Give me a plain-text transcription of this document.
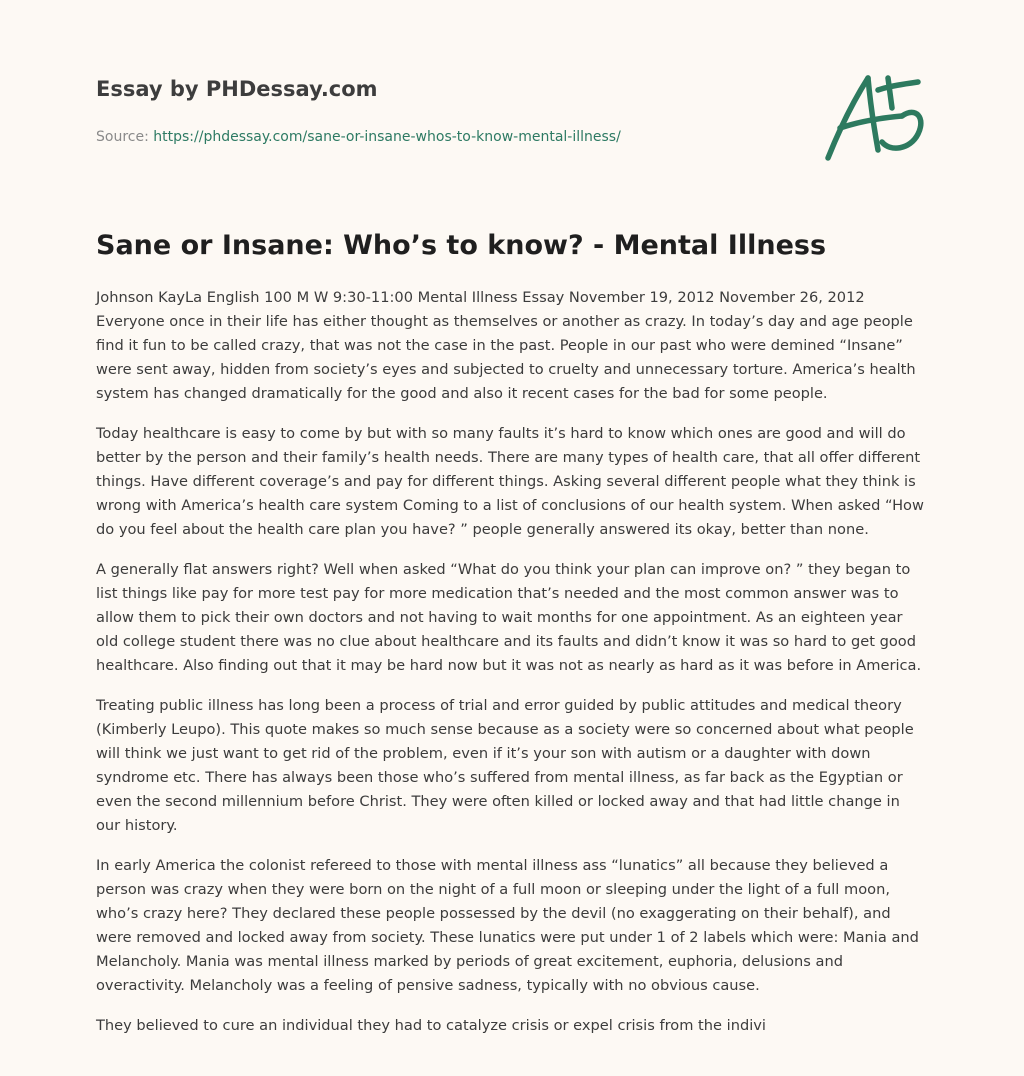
Essay by PHDessay.com
Source: https://phdessay.com/sane-or-insane-whos-to-know-mental-illness/
Sane or Insane: Who’s to know? - Mental Illness

Johnson KayLa English 100 M W 9:30-11:00 Mental Illness Essay November 19, 2012 November 26, 2012 Everyone once in their life has either thought as themselves or another as crazy. In today’s day and age people find it fun to be called crazy, that was not the case in the past. People in our past who were demined “Insane” were sent away, hidden from society’s eyes and subjected to cruelty and unnecessary torture. America’s health system has changed dramatically for the good and also it recent cases for the bad for some people.

Today healthcare is easy to come by but with so many faults it’s hard to know which ones are good and will do better by the person and their family’s health needs. There are many types of health care, that all offer different things. Have different coverage’s and pay for different things. Asking several different people what they think is wrong with America’s health care system Coming to a list of conclusions of our health system. When asked “How do you feel about the health care plan you have? ” people generally answered its okay, better than none.

A generally flat answers right? Well when asked “What do you think your plan can improve on? ” they began to list things like pay for more test pay for more medication that’s needed and the most common answer was to allow them to pick their own doctors and not having to wait months for one appointment. As an eighteen year old college student there was no clue about healthcare and its faults and didn’t know it was so hard to get good healthcare. Also finding out that it may be hard now but it was not as nearly as hard as it was before in America.

Treating public illness has long been a process of trial and error guided by public attitudes and medical theory (Kimberly Leupo). This quote makes so much sense because as a society were so concerned about what people will think we just want to get rid of the problem, even if it’s your son with autism or a daughter with down syndrome etc. There has always been those who’s suffered from mental illness, as far back as the Egyptian or even the second millennium before Christ. They were often killed or locked away and that had little change in our history.

In early America the colonist refereed to those with mental illness ass “lunatics” all because they believed a person was crazy when they were born on the night of a full moon or sleeping under the light of a full moon, who’s crazy here? They declared these people possessed by the devil (no exaggerating on their behalf), and were removed and locked away from society. These lunatics were put under 1 of 2 labels which were: Mania and Melancholy. Mania was mental illness marked by periods of great excitement, euphoria, delusions and overactivity. Melancholy was a feeling of pensive sadness, typically with no obvious cause.

They believed to cure an individual they had to catalyze crisis or expel crisis from the indivi
